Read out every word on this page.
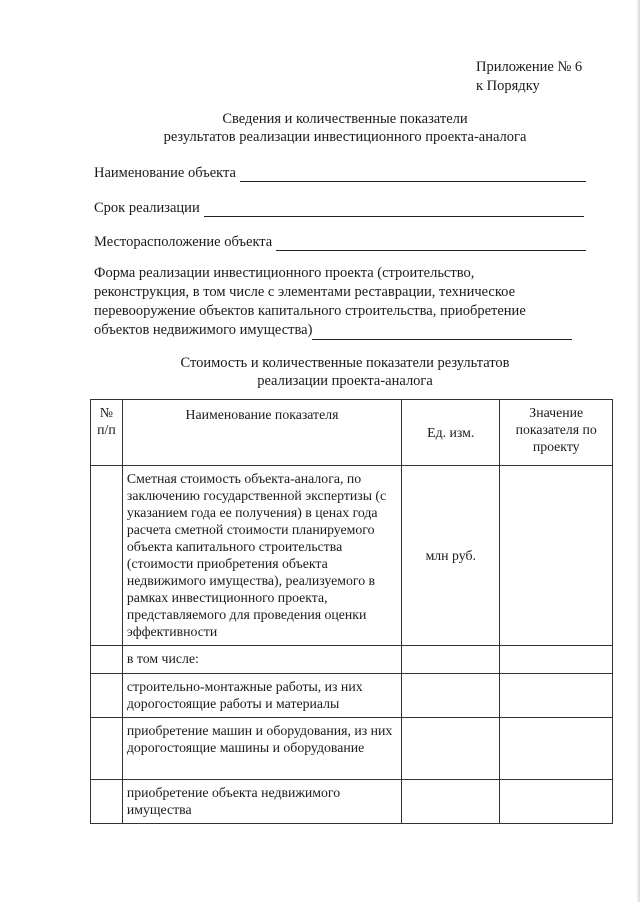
Приложение № 6
к Порядку
Сведения и количественные показатели
результатов реализации инвестиционного проекта-аналога
Наименование объекта
Срок реализации
Месторасположение объекта
Форма реализации инвестиционного проекта (строительство,
реконструкция, в том числе с элементами реставрации, техническое
перевооружение объектов капитального строительства, приобретение
объектов недвижимого имущества)
Стоимость и количественные показатели результатов
реализации проекта-аналога
№ п/п	Наименование показателя	Ед. изм.	Значение показателя по проекту
	Сметная стоимость объекта-аналога, по заключению государственной экспертизы (с указанием года ее получения) в ценах года расчета сметной стоимости планируемого объекта капитального строительства (стоимости приобретения объекта недвижимого имущества), реализуемого в рамках инвестиционного проекта, представляемого для проведения оценки эффективности	млн руб.	
	в том числе:		
	строительно-монтажные работы, из них дорогостоящие работы и материалы		
	приобретение машин и оборудования, из них дорогостоящие машины и оборудование		
	приобретение объекта недвижимого имущества		
